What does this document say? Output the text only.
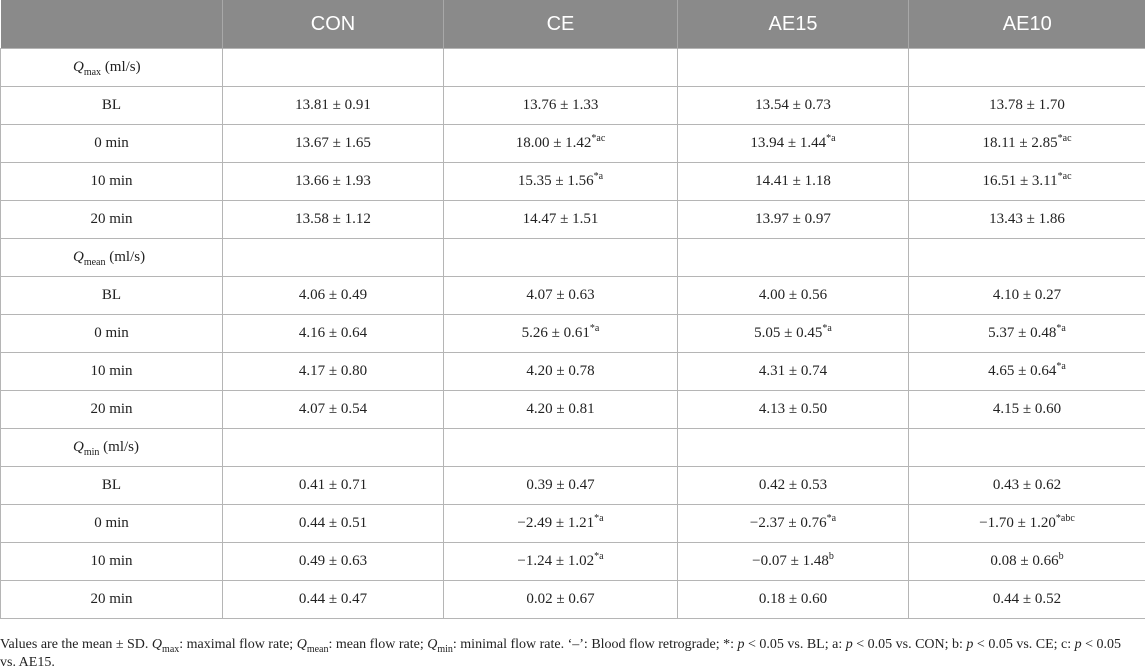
	CON	CE	AE15	AE10
$Q_{max}$ (ml/s)				
BL	13.81 ± 0.91	13.76 ± 1.33	13.54 ± 0.73	13.78 ± 1.70
0 min	13.67 ± 1.65	$18.00 \pm 1.42^{*ac}$	$13.94 \pm 1.44^{*a}$	$18.11 \pm 2.85^{*ac}$
10 min	13.66 ± 1.93	$15.35 \pm 1.56^{*a}$	14.41 ± 1.18	$16.51 \pm 3.11^{*ac}$
20 min	13.58 ± 1.12	14.47 ± 1.51	13.97 ± 0.97	13.43 ± 1.86
$Q_{mean}$ (ml/s)				
BL	4.06 ± 0.49	4.07 ± 0.63	4.00 ± 0.56	4.10 ± 0.27
0 min	4.16 ± 0.64	$5.26 \pm 0.61^{*a}$	$5.05 \pm 0.45^{*a}$	$5.37 \pm 0.48^{*a}$
10 min	4.17 ± 0.80	4.20 ± 0.78	4.31 ± 0.74	$4.65 \pm 0.64^{*a}$
20 min	4.07 ± 0.54	4.20 ± 0.81	4.13 ± 0.50	4.15 ± 0.60
$Q_{min}$ (ml/s)				
BL	0.41 ± 0.71	0.39 ± 0.47	0.42 ± 0.53	0.43 ± 0.62
0 min	0.44 ± 0.51	$-2.49 \pm 1.21^{*a}$	$-2.37 \pm 0.76^{*a}$	$-1.70 \pm 1.20^{*abc}$
10 min	0.49 ± 0.63	$-1.24 \pm 1.02^{*a}$	−0.07 ± 1.48$^b$	0.08 ± 0.66$^b$
20 min	0.44 ± 0.47	0.02 ± 0.67	0.18 ± 0.60	0.44 ± 0.52
Values are the mean ± SD. $Q_{max}$: maximal flow rate; $Q_{mean}$: mean flow rate; $Q_{min}$: minimal flow rate. ‘–’: Blood flow retrograde; *: p < 0.05 vs. BL; a: p < 0.05 vs. CON; b: p < 0.05 vs. CE; c: p < 0.05 vs. AE15.
